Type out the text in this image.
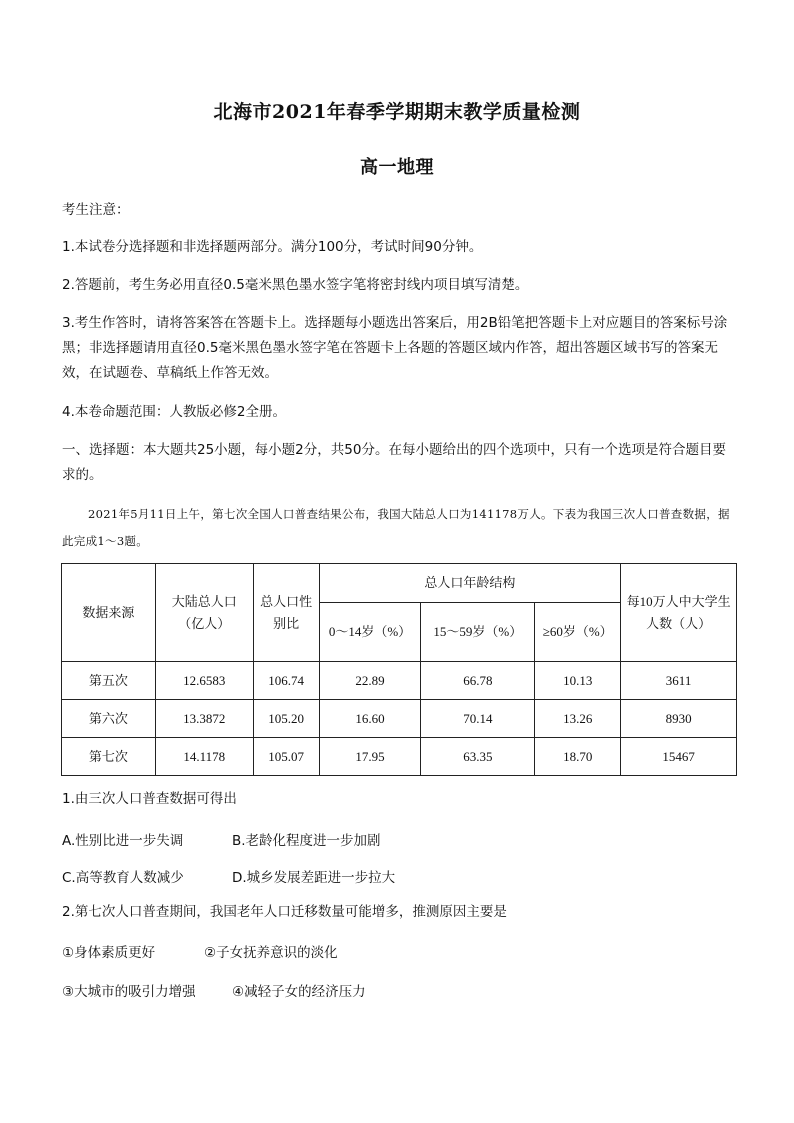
北海市2021年春季学期期末教学质量检测
高一地理
考生注意：
1.本试卷分选择题和非选择题两部分。满分100分，考试时间90分钟。
2.答题前，考生务必用直径0.5毫米黑色墨水签字笔将密封线内项目填写清楚。
3.考生作答时，请将答案答在答题卡上。选择题每小题选出答案后，用2B铅笔把答题卡上对应题目的答案标号涂黑；非选择题请用直径0.5毫米黑色墨水签字笔在答题卡上各题的答题区域内作答，超出答题区域书写的答案无效，在试题卷、草稿纸上作答无效。
4.本卷命题范围：人教版必修2全册。
一、选择题：本大题共25小题，每小题2分，共50分。在每小题给出的四个选项中，只有一个选项是符合题目要求的。
2021年5月11日上午，第七次全国人口普查结果公布，我国大陆总人口为141178万人。下表为我国三次人口普查数据，据此完成1～3题。
数据来源	大陆总人口（亿人）	总人口性别比	总人口年龄结构			每10万人中大学生人数（人）
			0～14岁（%）	15～59岁（%）	≥60岁（%）	
第五次	12.6583	106.74	22.89	66.78	10.13	3611
第六次	13.3872	105.20	16.60	70.14	13.26	8930
第七次	14.1178	105.07	17.95	63.35	18.70	15467
1.由三次人口普查数据可得出
A.性别比进一步失调	B.老龄化程度进一步加剧
C.高等教育人数减少	D.城乡发展差距进一步拉大
2.第七次人口普查期间，我国老年人口迁移数量可能增多，推测原因主要是
①身体素质更好	②子女抚养意识的淡化
③大城市的吸引力增强	④减轻子女的经济压力
